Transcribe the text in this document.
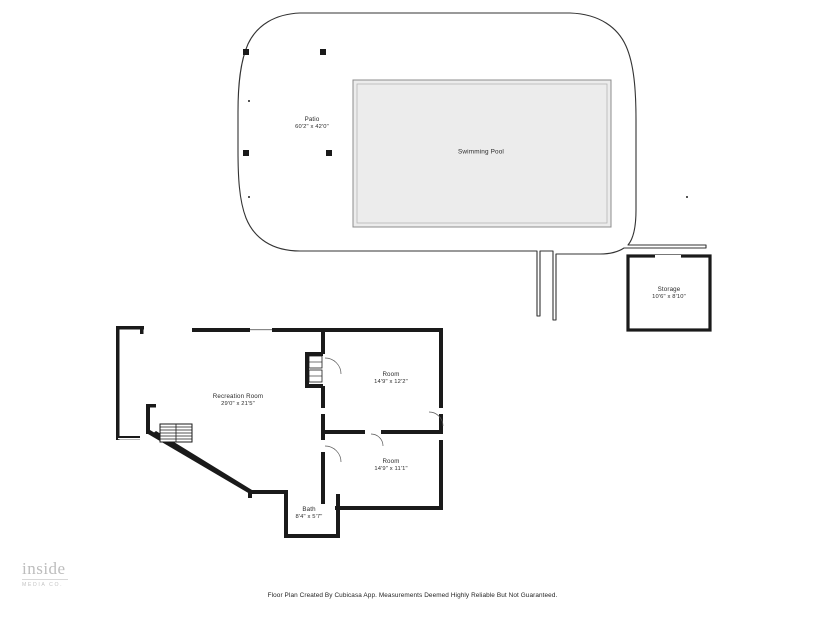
Patio
60'2" x 42'0"
Swimming Pool
Storage
10'6" x 8'10"
Recreation Room
29'0" x 21'5"
Room
14'9" x 12'2"
Room
14'9" x 11'1"
Bath
8'4" x 5'7"
inside
MEDIA CO.
Floor Plan Created By Cubicasa App. Measurements Deemed Highly Reliable But Not Guaranteed.
